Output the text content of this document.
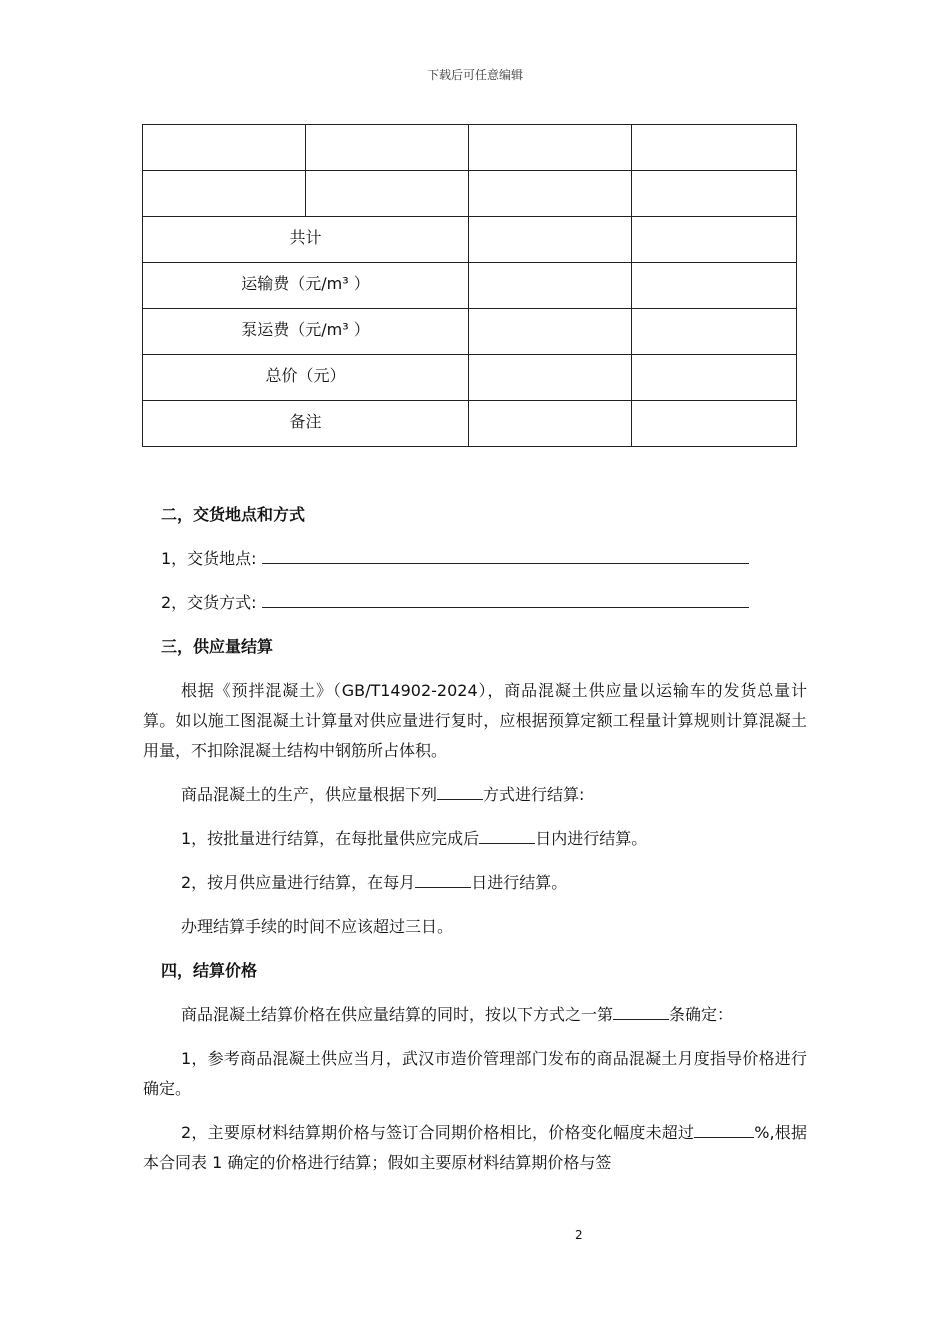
下载后可任意编辑

共计			
运输费（元/m³ ）			
泵运费（元/m³ ）			
总价（元）			
备注			
二，交货地点和方式
1，交货地点:
2，交货方式:
三，供应量结算

根据《预拌混凝土》（GB/T14902-2024），商品混凝土供应量以运输车的发货总量计算。如以施工图混凝土计算量对供应量进行复时，应根据预算定额工程量计算规则计算混凝土用量，不扣除混凝土结构中钢筋所占体积。

商品混凝土的生产，供应量根据下列	方式进行结算:

1，按批量进行结算，在每批量供应完成后	日内进行结算。

2，按月供应量进行结算，在每月	日进行结算。

办理结算手续的时间不应该超过三日。

四，结算价格

商品混凝土结算价格在供应量结算的同时，按以下方式之一第	条确定：

1，参考商品混凝土供应当月，武汉市造价管理部门发布的商品混凝土月度指导价格进行确定。

2，主要原材料结算期价格与签订合同期价格相比，价格变化幅度未超过	%,根据本合同表 1 确定的价格进行结算；假如主要原材料结算期价格与签

2
